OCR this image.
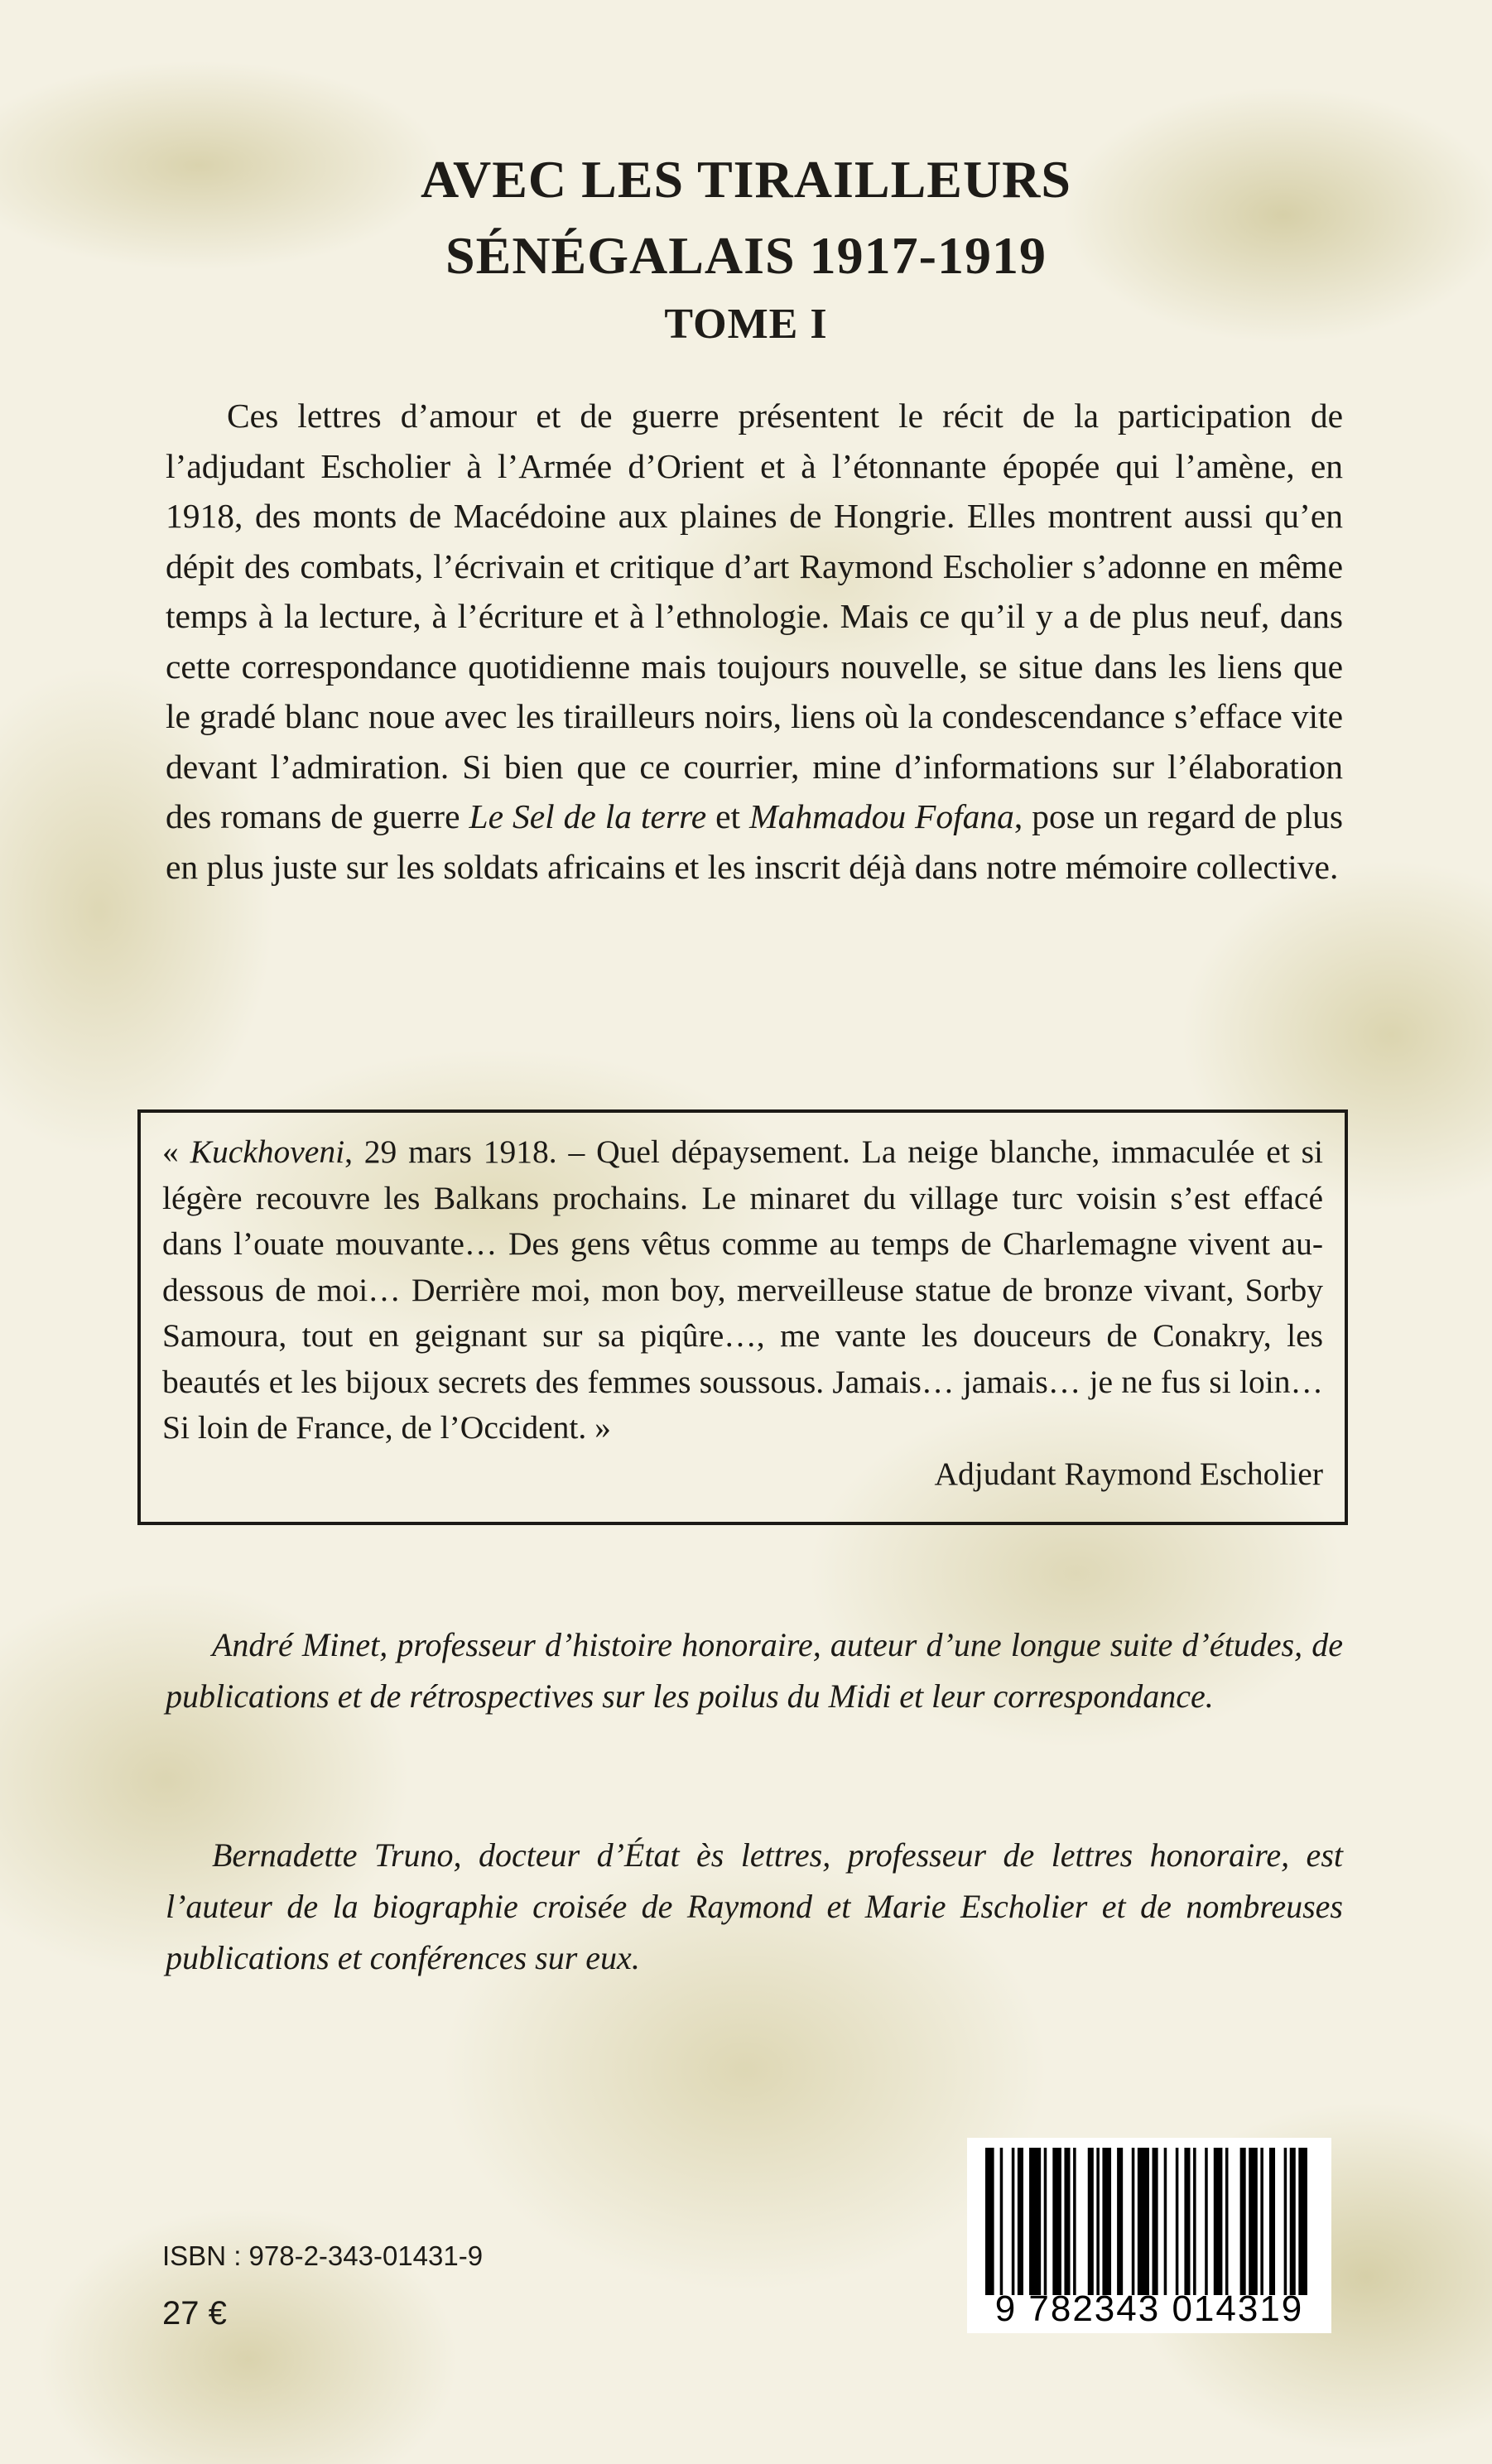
AVEC LES TIRAILLEURS
SÉNÉGALAIS 1917-1919
TOME I

Ces lettres d’amour et de guerre présentent le récit de la participation de l’adjudant Escholier à l’Armée d’Orient et à l’étonnante épopée qui l’amène, en 1918, des monts de Macédoine aux plaines de Hongrie. Elles montrent aussi qu’en dépit des combats, l’écrivain et critique d’art Raymond Escholier s’adonne en même temps à la lecture, à l’écriture et à l’ethnologie. Mais ce qu’il y a de plus neuf, dans cette correspondance quotidienne mais toujours nouvelle, se situe dans les liens que le gradé blanc noue avec les tirailleurs noirs, liens où la condescendance s’efface vite devant l’admiration. Si bien que ce courrier, mine d’informations sur l’élaboration des romans de guerre Le Sel de la terre et Mahmadou Fofana, pose un regard de plus en plus juste sur les soldats africains et les inscrit déjà dans notre mémoire collective.

« Kuckhoveni, 29 mars 1918. – Quel dépaysement. La neige blanche, immaculée et si légère recouvre les Balkans prochains. Le minaret du village turc voisin s’est effacé dans l’ouate mouvante… Des gens vêtus comme au temps de Charlemagne vivent au-dessous de moi… Derrière moi, mon boy, merveilleuse statue de bronze vivant, Sorby Samoura, tout en geignant sur sa piqûre…, me vante les douceurs de Conakry, les beautés et les bijoux secrets des femmes soussous. Jamais… jamais… je ne fus si loin… Si loin de France, de l’Occident. »

Adjudant Raymond Escholier

André Minet, professeur d’histoire honoraire, auteur d’une longue suite d’études, de publications et de rétrospectives sur les poilus du Midi et leur correspondance.

Bernadette Truno, docteur d’État ès lettres, professeur de lettres honoraire, est l’auteur de la biographie croisée de Raymond et Marie Escholier et de nombreuses publications et conférences sur eux.

ISBN : 978-2-343-01431-9
27 €	9 782343 014319
